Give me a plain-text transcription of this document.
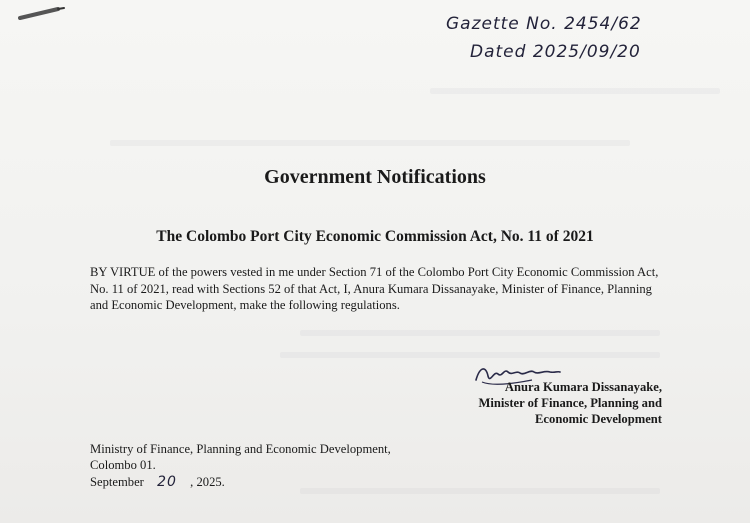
Gazette No. 2454/62
Dated 2025/09/20
Government Notifications
The Colombo Port City Economic Commission Act, No. 11 of 2021
BY VIRTUE of the powers vested in me under Section 71 of the Colombo Port City Economic Commission Act, No. 11 of 2021, read with Sections 52 of that Act, I, Anura Kumara Dissanayake, Minister of Finance, Planning and Economic Development, make the following regulations.
Anura Kumara Dissanayake,
Minister of Finance, Planning and
Economic Development
Ministry of Finance, Planning and Economic Development,
Colombo 01.
September 20 , 2025.
